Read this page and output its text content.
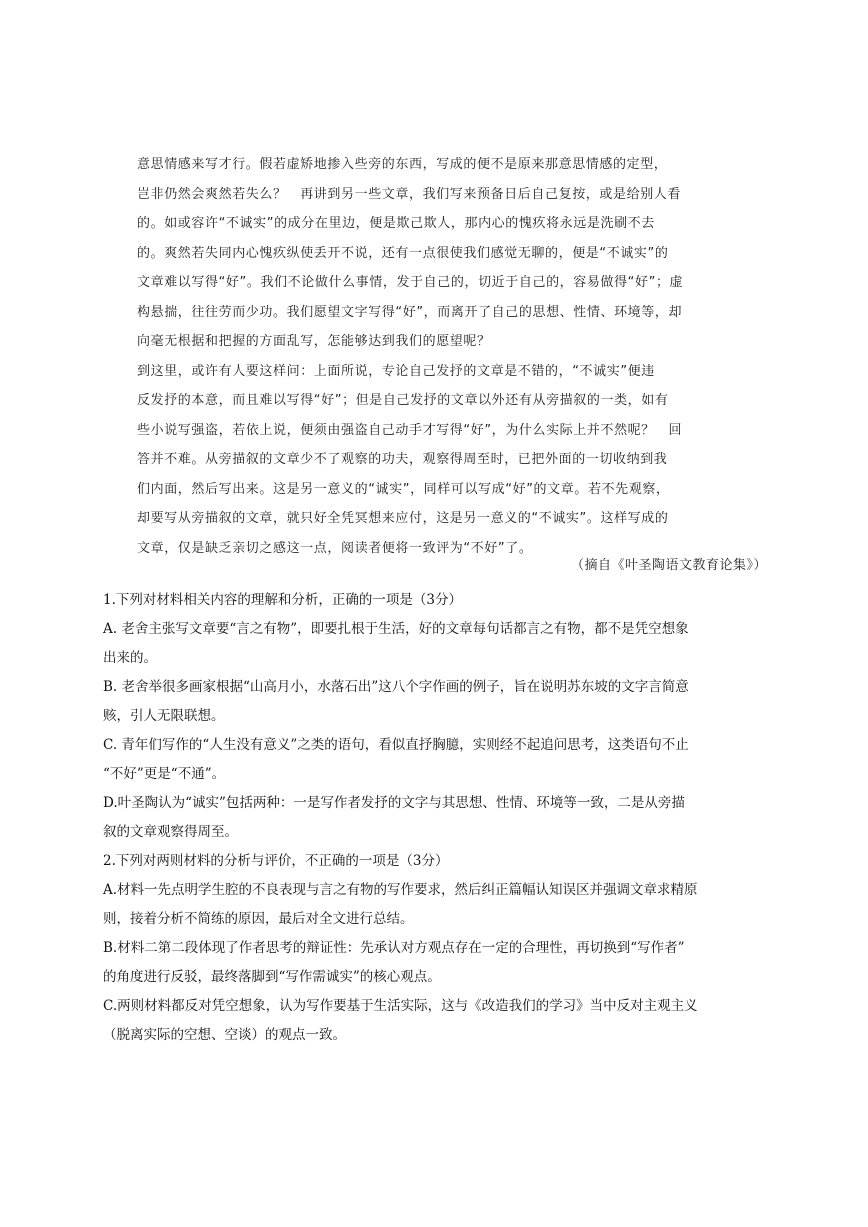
意思情感来写才行。假若虚矫地掺入些旁的东西，写成的便不是原来那意思情感的定型，
岂非仍然会爽然若失么？　再讲到另一些文章，我们写来预备日后自己复按，或是给别人看
的。如或容许“不诚实”的成分在里边，便是欺己欺人，那内心的愧疚将永远是洗刷不去
的。爽然若失同内心愧疚纵使丢开不说，还有一点很使我们感觉无聊的，便是“不诚实”的
文章难以写得“好”。我们不论做什么事情，发于自己的，切近于自己的，容易做得“好”；虚
构悬揣，往往劳而少功。我们愿望文字写得“好”，而离开了自己的思想、性情、环境等，却
向毫无根据和把握的方面乱写，怎能够达到我们的愿望呢？
到这里，或许有人要这样问：上面所说，专论自己发抒的文章是不错的，“不诚实”便违
反发抒的本意，而且难以写得“好”；但是自己发抒的文章以外还有从旁描叙的一类，如有
些小说写强盗，若依上说，便须由强盗自己动手才写得“好”，为什么实际上并不然呢？　回
答并不难。从旁描叙的文章少不了观察的功夫，观察得周至时，已把外面的一切收纳到我
们内面，然后写出来。这是另一意义的“诚实”，同样可以写成“好”的文章。若不先观察，
却要写从旁描叙的文章，就只好全凭冥想来应付，这是另一意义的“不诚实”。这样写成的
文章，仅是缺乏亲切之感这一点，阅读者便将一致评为“不好”了。
（摘自《叶圣陶语文教育论集》）
1.下列对材料相关内容的理解和分析，正确的一项是（3分）
A. 老舍主张写文章要“言之有物”，即要扎根于生活，好的文章每句话都言之有物，都不是凭空想象
出来的。
B. 老舍举很多画家根据“山高月小，水落石出”这八个字作画的例子，旨在说明苏东坡的文字言简意
赅，引人无限联想。
C. 青年们写作的“人生没有意义”之类的语句，看似直抒胸臆，实则经不起追问思考，这类语句不止
“不好”更是“不通”。
D.叶圣陶认为“诚实”包括两种：一是写作者发抒的文字与其思想、性情、环境等一致，二是从旁描
叙的文章观察得周至。
2.下列对两则材料的分析与评价，不正确的一项是（3分）
A.材料一先点明学生腔的不良表现与言之有物的写作要求，然后纠正篇幅认知误区并强调文章求精原
则，接着分析不简练的原因，最后对全文进行总结。
B.材料二第二段体现了作者思考的辩证性：先承认对方观点存在一定的合理性，再切换到“写作者”
的角度进行反驳，最终落脚到“写作需诚实”的核心观点。
C.两则材料都反对凭空想象，认为写作要基于生活实际，这与《改造我们的学习》当中反对主观主义
（脱离实际的空想、空谈）的观点一致。
